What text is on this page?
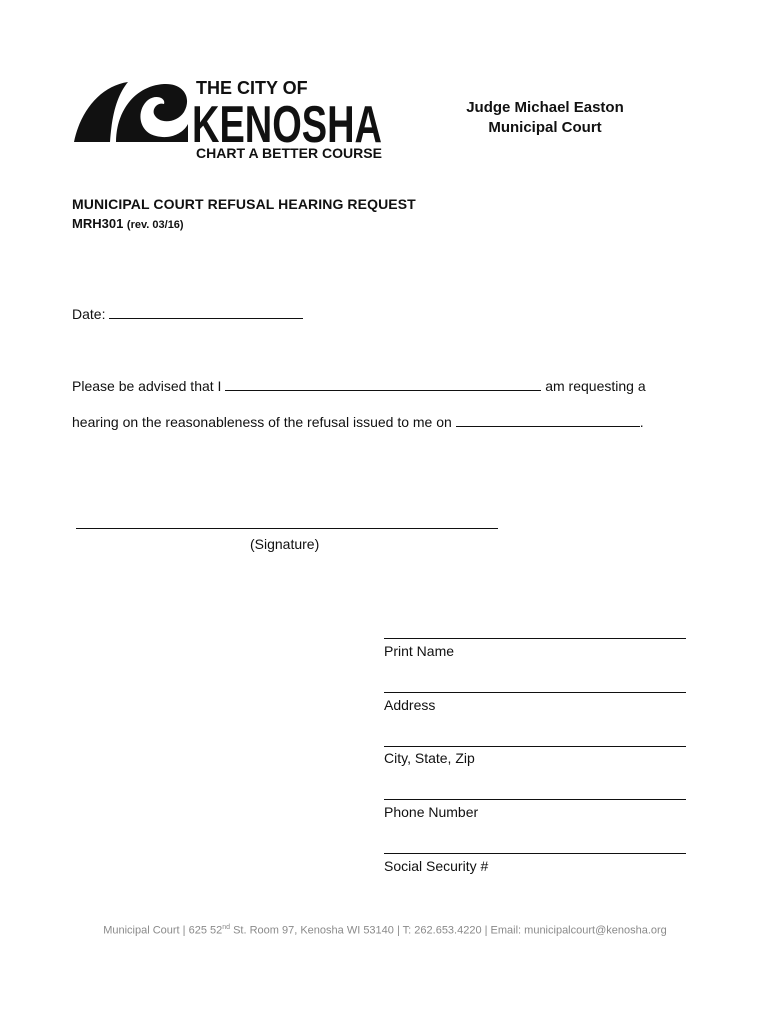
THE CITY OF
KENOSHA
CHART A BETTER COURSE
Judge Michael Easton
Municipal Court
MUNICIPAL COURT REFUSAL HEARING REQUEST
MRH301 (rev. 03/16)
Date:
Please be advised that I	am requesting a
hearing on the reasonableness of the refusal issued to me on	.
(Signature)
Print Name
Address
City, State, Zip
Phone Number
Social Security #
Municipal Court | 625 52nd St. Room 97, Kenosha WI 53140 | T: 262.653.4220 | Email: municipalcourt@kenosha.org
